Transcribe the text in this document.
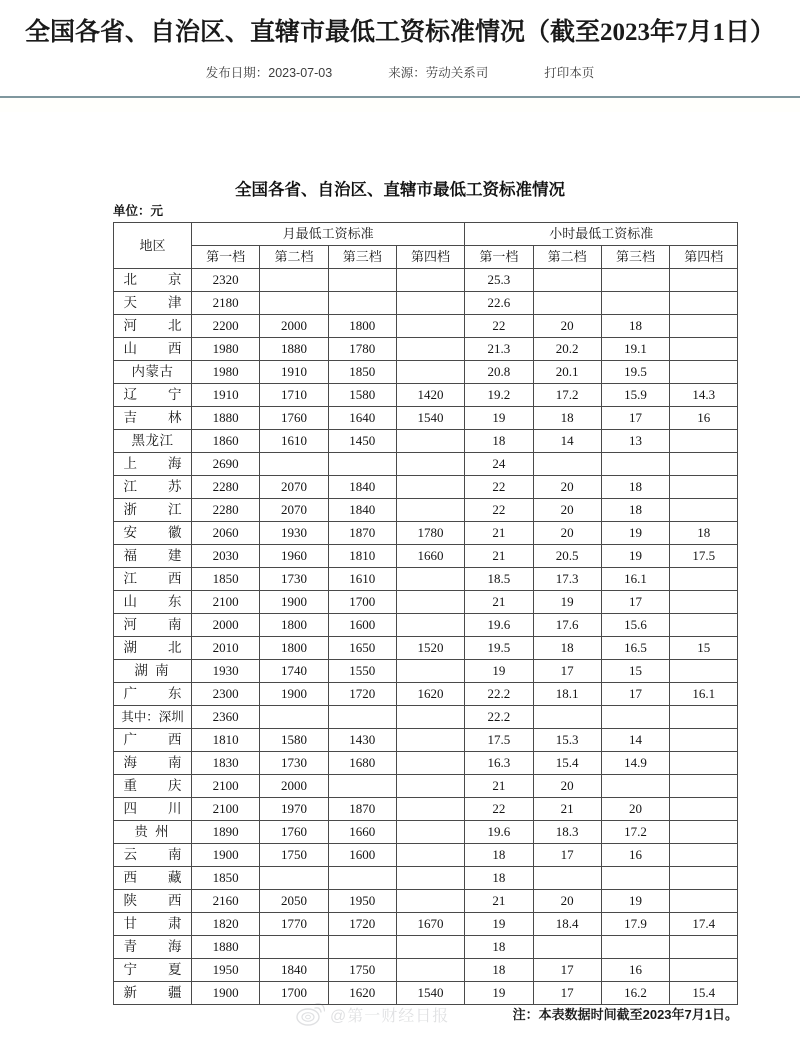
全国各省、自治区、直辖市最低工资标准情况（截至2023年7月1日）
发布日期：2023-07-03	来源：劳动关系司	打印本页
全国各省、自治区、直辖市最低工资标准情况
单位：元
地区	月最低工资标准				小时最低工资标准			
	第一档	第二档	第三档	第四档	第一档	第二档	第三档	第四档
北　京	2320				25.3			
天　　津	2180				22.6			
河　北	2200	2000	1800		22	20	18	
山　　西	1980	1880	1780		21.3	20.2	19.1	
内蒙古	1980	1910	1850		20.8	20.1	19.5	
辽　宁	1910	1710	1580	1420	19.2	17.2	15.9	14.3
吉　　林	1880	1760	1640	1540	19	18	17	16
黑龙江	1860	1610	1450		18	14	13	
上　　海	2690				24			
江　　苏	2280	2070	1840		22	20	18	
浙　　江	2280	2070	1840		22	20	18	
安　　徽	2060	1930	1870	1780	21	20	19	18
福　　建	2030	1960	1810	1660	21	20.5	19	17.5
江　　西	1850	1730	1610		18.5	17.3	16.1	
山　　东	2100	1900	1700		21	19	17	
河　　南	2000	1800	1600		19.6	17.6	15.6	
湖　　北	2010	1800	1650	1520	19.5	18	16.5	15
湖 南	1930	1740	1550		19	17	15	
广　　东	2300	1900	1720	1620	22.2	18.1	17	16.1
其中：深圳	2360				22.2			
广　　西	1810	1580	1430		17.5	15.3	14	
海　　南	1830	1730	1680		16.3	15.4	14.9	
重　　庆	2100	2000			21	20		
四　　川	2100	1970	1870		22	21	20	
贵 州	1890	1760	1660		19.6	18.3	17.2	
云　　南	1900	1750	1600		18	17	16	
西　　藏	1850				18			
陕　　西	2160	2050	1950		21	20	19	
甘　　肃	1820	1770	1720	1670	19	18.4	17.9	17.4
青　　海	1880				18			
宁　　夏	1950	1840	1750		18	17	16	
新　　疆	1900	1700	1620	1540	19	17	16.2	15.4
注：本表数据时间截至2023年7月1日。
@第一财经日报
